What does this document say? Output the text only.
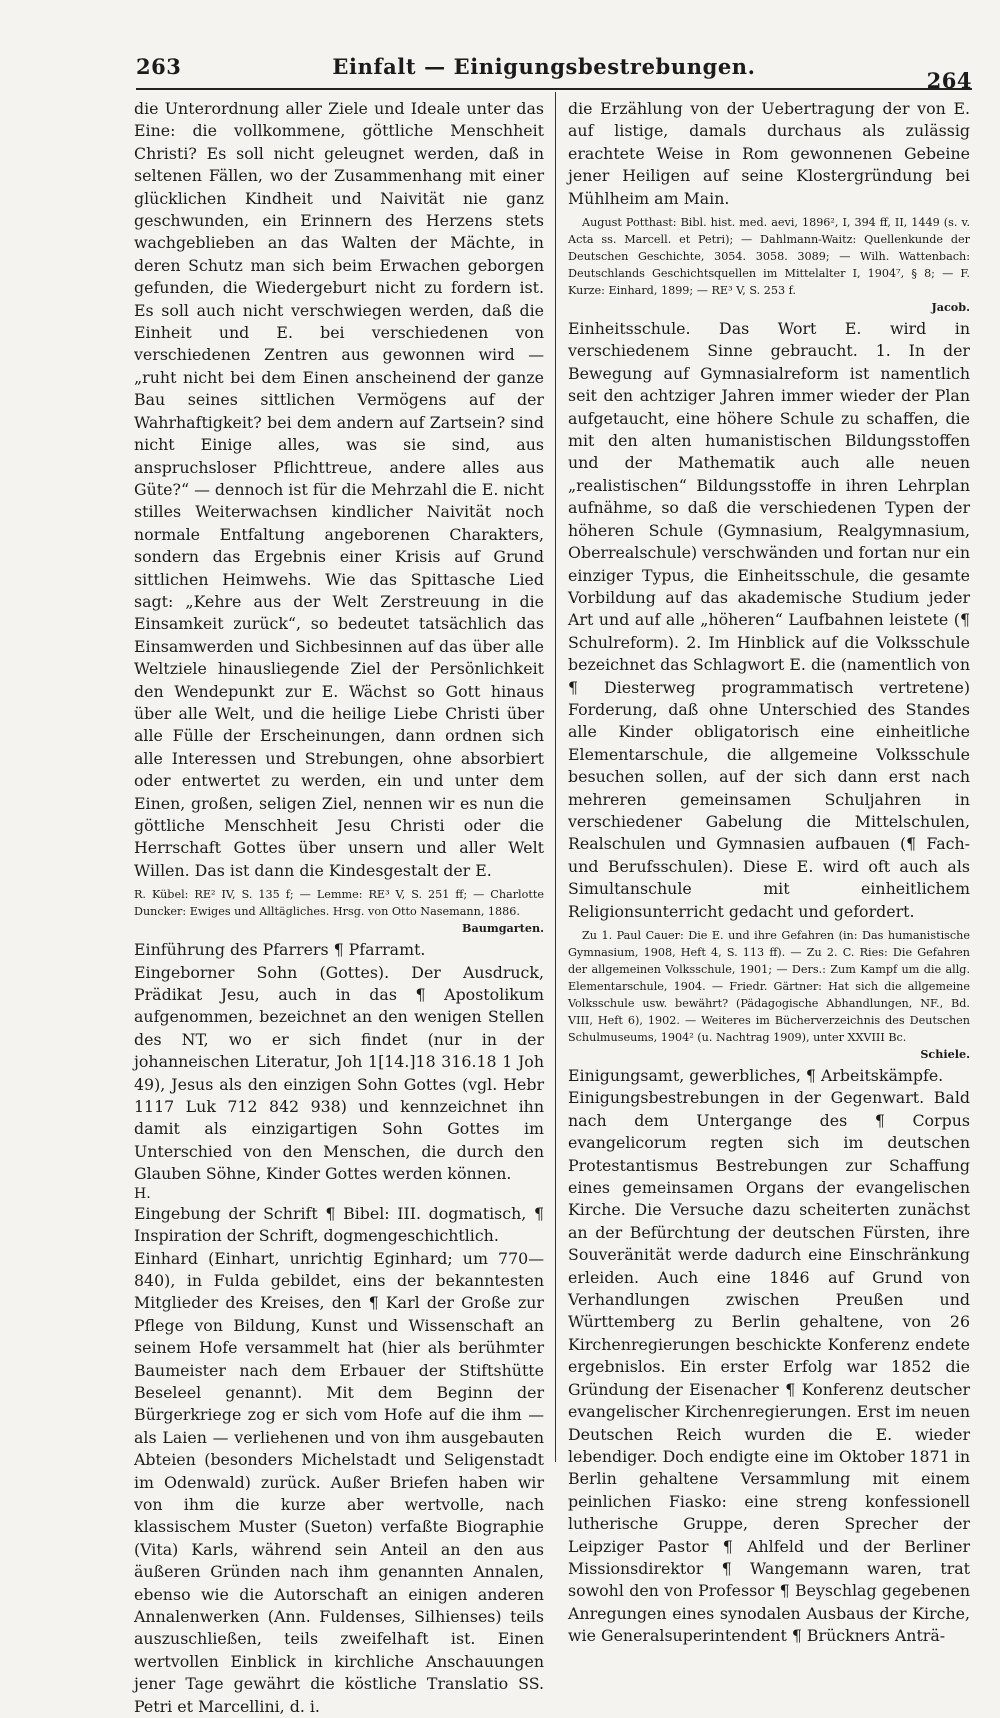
263	Einfalt — Einigungsbestrebungen.
264

die Unterordnung aller Ziele und Ideale unter das Eine: die vollkommene, göttliche Menschheit Christi? Es soll nicht geleugnet werden, daß in seltenen Fällen, wo der Zusammenhang mit einer glücklichen Kindheit und Naivität nie ganz geschwunden, ein Erinnern des Herzens stets wachgeblieben an das Walten der Mächte, in deren Schutz man sich beim Erwachen geborgen gefunden, die Wiedergeburt nicht zu fordern ist. Es soll auch nicht verschwiegen werden, daß die Einheit und E. bei verschiedenen von verschiedenen Zentren aus gewonnen wird — „ruht nicht bei dem Einen anscheinend der ganze Bau seines sittlichen Vermögens auf der Wahrhaftigkeit? bei dem andern auf Zartsein? sind nicht Einige alles, was sie sind, aus anspruchsloser Pflichttreue, andere alles aus Güte?“ — dennoch ist für die Mehrzahl die E. nicht stilles Weiterwachsen kindlicher Naivität noch normale Entfaltung angeborenen Charakters, sondern das Ergebnis einer Krisis auf Grund sittlichen Heimwehs. Wie das Spittasche Lied sagt: „Kehre aus der Welt Zerstreuung in die Einsamkeit zurück“, so bedeutet tatsächlich das Einsamwerden und Sichbesinnen auf das über alle Weltziele hinausliegende Ziel der Persönlichkeit den Wendepunkt zur E. Wächst so Gott hinaus über alle Welt, und die heilige Liebe Christi über alle Fülle der Erscheinungen, dann ordnen sich alle Interessen und Strebungen, ohne absorbiert oder entwertet zu werden, ein und unter dem Einen, großen, seligen Ziel, nennen wir es nun die göttliche Menschheit Jesu Christi oder die Herrschaft Gottes über unsern und aller Welt Willen. Das ist dann die Kindesgestalt der E.

R. Kübel: RE² IV, S. 135 f; — Lemme: RE³ V, S. 251 ff; — Charlotte Duncker: Ewiges und Alltägliches. Hrsg. von Otto Nasemann, 1886.

Baumgarten.

Einführung des Pfarrers ¶ Pfarramt.

Eingeborner Sohn (Gottes). Der Ausdruck, Prädikat Jesu, auch in das ¶ Apostolikum aufgenommen, bezeichnet an den wenigen Stellen des NT, wo er sich findet (nur in der johanneischen Literatur, Joh 1[14.]18 316.18 1 Joh 49), Jesus als den einzigen Sohn Gottes (vgl. Hebr 1117 Luk 712 842 938) und kennzeichnet ihn damit als einzigartigen Sohn Gottes im Unterschied von den Menschen, die durch den Glauben Söhne, Kinder Gottes werden können.

H.

Eingebung der Schrift ¶ Bibel: III. dogmatisch, ¶ Inspiration der Schrift, dogmengeschichtlich.

Einhard (Einhart, unrichtig Eginhard; um 770—840), in Fulda gebildet, eins der bekanntesten Mitglieder des Kreises, den ¶ Karl der Große zur Pflege von Bildung, Kunst und Wissenschaft an seinem Hofe versammelt hat (hier als berühmter Baumeister nach dem Erbauer der Stiftshütte Beseleel genannt). Mit dem Beginn der Bürgerkriege zog er sich vom Hofe auf die ihm — als Laien — verliehenen und von ihm ausgebauten Abteien (besonders Michelstadt und Seligenstadt im Odenwald) zurück. Außer Briefen haben wir von ihm die kurze aber wertvolle, nach klassischem Muster (Sueton) verfaßte Biographie (Vita) Karls, während sein Anteil an den aus äußeren Gründen nach ihm genannten Annalen, ebenso wie die Autorschaft an einigen anderen Annalenwerken (Ann. Fuldenses, Silhienses) teils auszuschließen, teils zweifelhaft ist. Einen wertvollen Einblick in kirchliche Anschauungen jener Tage gewährt die köstliche Translatio SS. Petri et Marcellini, d. i.

die Erzählung von der Uebertragung der von E. auf listige, damals durchaus als zulässig erachtete Weise in Rom gewonnenen Gebeine jener Heiligen auf seine Klostergründung bei Mühlheim am Main.

August Potthast: Bibl. hist. med. aevi, 1896², I, 394 ff, II, 1449 (s. v. Acta ss. Marcell. et Petri); — Dahlmann-Waitz: Quellenkunde der Deutschen Geschichte, 3054. 3058. 3089; — Wilh. Wattenbach: Deutschlands Geschichtsquellen im Mittelalter I, 1904⁷, § 8; — F. Kurze: Einhard, 1899; — RE³ V, S. 253 f.

Jacob.

Einheitsschule. Das Wort E. wird in verschiedenem Sinne gebraucht. 1. In der Bewegung auf Gymnasialreform ist namentlich seit den achtziger Jahren immer wieder der Plan aufgetaucht, eine höhere Schule zu schaffen, die mit den alten humanistischen Bildungsstoffen und der Mathematik auch alle neuen „realistischen“ Bildungsstoffe in ihren Lehrplan aufnähme, so daß die verschiedenen Typen der höheren Schule (Gymnasium, Realgymnasium, Oberrealschule) verschwänden und fortan nur ein einziger Typus, die Einheitsschule, die gesamte Vorbildung auf das akademische Studium jeder Art und auf alle „höheren“ Laufbahnen leistete (¶ Schulreform). 2. Im Hinblick auf die Volksschule bezeichnet das Schlagwort E. die (namentlich von ¶ Diesterweg programmatisch vertretene) Forderung, daß ohne Unterschied des Standes alle Kinder obligatorisch eine einheitliche Elementarschule, die allgemeine Volksschule besuchen sollen, auf der sich dann erst nach mehreren gemeinsamen Schuljahren in verschiedener Gabelung die Mittelschulen, Realschulen und Gymnasien aufbauen (¶ Fach- und Berufsschulen). Diese E. wird oft auch als Simultanschule mit einheitlichem Religionsunterricht gedacht und gefordert.

Zu 1. Paul Cauer: Die E. und ihre Gefahren (in: Das humanistische Gymnasium, 1908, Heft 4, S. 113 ff). — Zu 2. C. Ries: Die Gefahren der allgemeinen Volksschule, 1901; — Ders.: Zum Kampf um die allg. Elementarschule, 1904. — Friedr. Gärtner: Hat sich die allgemeine Volksschule usw. bewährt? (Pädagogische Abhandlungen, NF., Bd. VIII, Heft 6), 1902. — Weiteres im Bücherverzeichnis des Deutschen Schulmuseums, 1904² (u. Nachtrag 1909), unter XXVIII Bc.

Schiele.

Einigungsamt, gewerbliches, ¶ Arbeitskämpfe.

Einigungsbestrebungen in der Gegenwart. Bald nach dem Untergange des ¶ Corpus evangelicorum regten sich im deutschen Protestantismus Bestrebungen zur Schaffung eines gemeinsamen Organs der evangelischen Kirche. Die Versuche dazu scheiterten zunächst an der Befürchtung der deutschen Fürsten, ihre Souveränität werde dadurch eine Einschränkung erleiden. Auch eine 1846 auf Grund von Verhandlungen zwischen Preußen und Württemberg zu Berlin gehaltene, von 26 Kirchenregierungen beschickte Konferenz endete ergebnislos. Ein erster Erfolg war 1852 die Gründung der Eisenacher ¶ Konferenz deutscher evangelischer Kirchenregierungen. Erst im neuen Deutschen Reich wurden die E. wieder lebendiger. Doch endigte eine im Oktober 1871 in Berlin gehaltene Versammlung mit einem peinlichen Fiasko: eine streng konfessionell lutherische Gruppe, deren Sprecher der Leipziger Pastor ¶ Ahlfeld und der Berliner Missionsdirektor ¶ Wangemann waren, trat sowohl den von Professor ¶ Beyschlag gegebenen Anregungen eines synodalen Ausbaus der Kirche, wie Generalsuperintendent ¶ Brückners Anträ-
